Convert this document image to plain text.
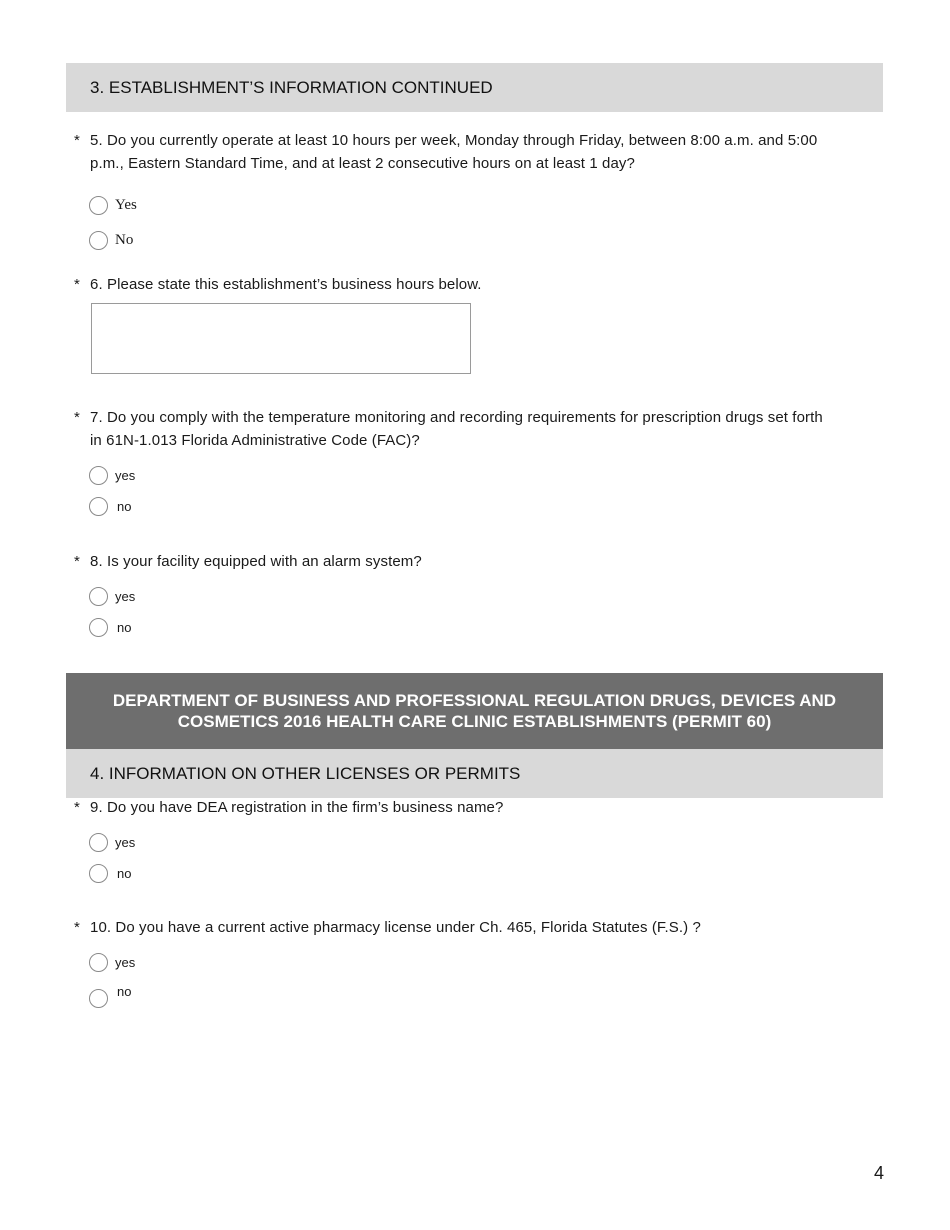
3. ESTABLISHMENT’S INFORMATION CONTINUED
* 5. Do you currently operate at least 10 hours per week, Monday through Friday, between 8:00 a.m. and 5:00 p.m., Eastern Standard Time, and at least 2 consecutive hours on at least 1 day?
Yes
No
* 6. Please state this establishment’s business hours below.
* 7. Do you comply with the temperature monitoring and recording requirements for prescription drugs set forth in 61N-1.013 Florida Administrative Code (FAC)?
yes
no
* 8. Is your facility equipped with an alarm system?
yes
no
DEPARTMENT OF BUSINESS AND PROFESSIONAL REGULATION DRUGS, DEVICES AND
COSMETICS 2016 HEALTH CARE CLINIC ESTABLISHMENTS (PERMIT 60)
4. INFORMATION ON OTHER LICENSES OR PERMITS
* 9. Do you have DEA registration in the firm’s business name?
yes
no
* 10. Do you have a current active pharmacy license under Ch. 465, Florida Statutes (F.S.) ?
yes
no
4
